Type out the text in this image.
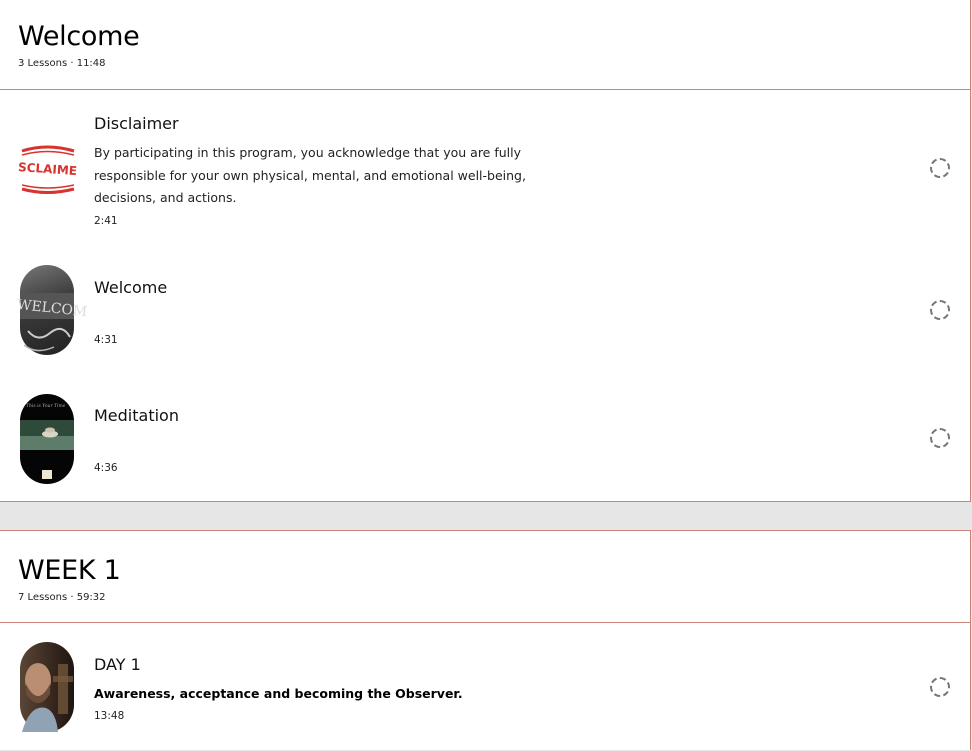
Welcome
3 Lessons · 11:48
SCLAIME
Disclaimer
By participating in this program, you acknowledge that you are fully responsible for your own physical, mental, and emotional well-being, decisions, and actions.
2:41
WELCOM
Welcome
4:31
This is Your Time Meditation
4:36
WEEK 1
7 Lessons · 59:32
DAY 1
Awareness, acceptance and becoming the Observer.
13:48
